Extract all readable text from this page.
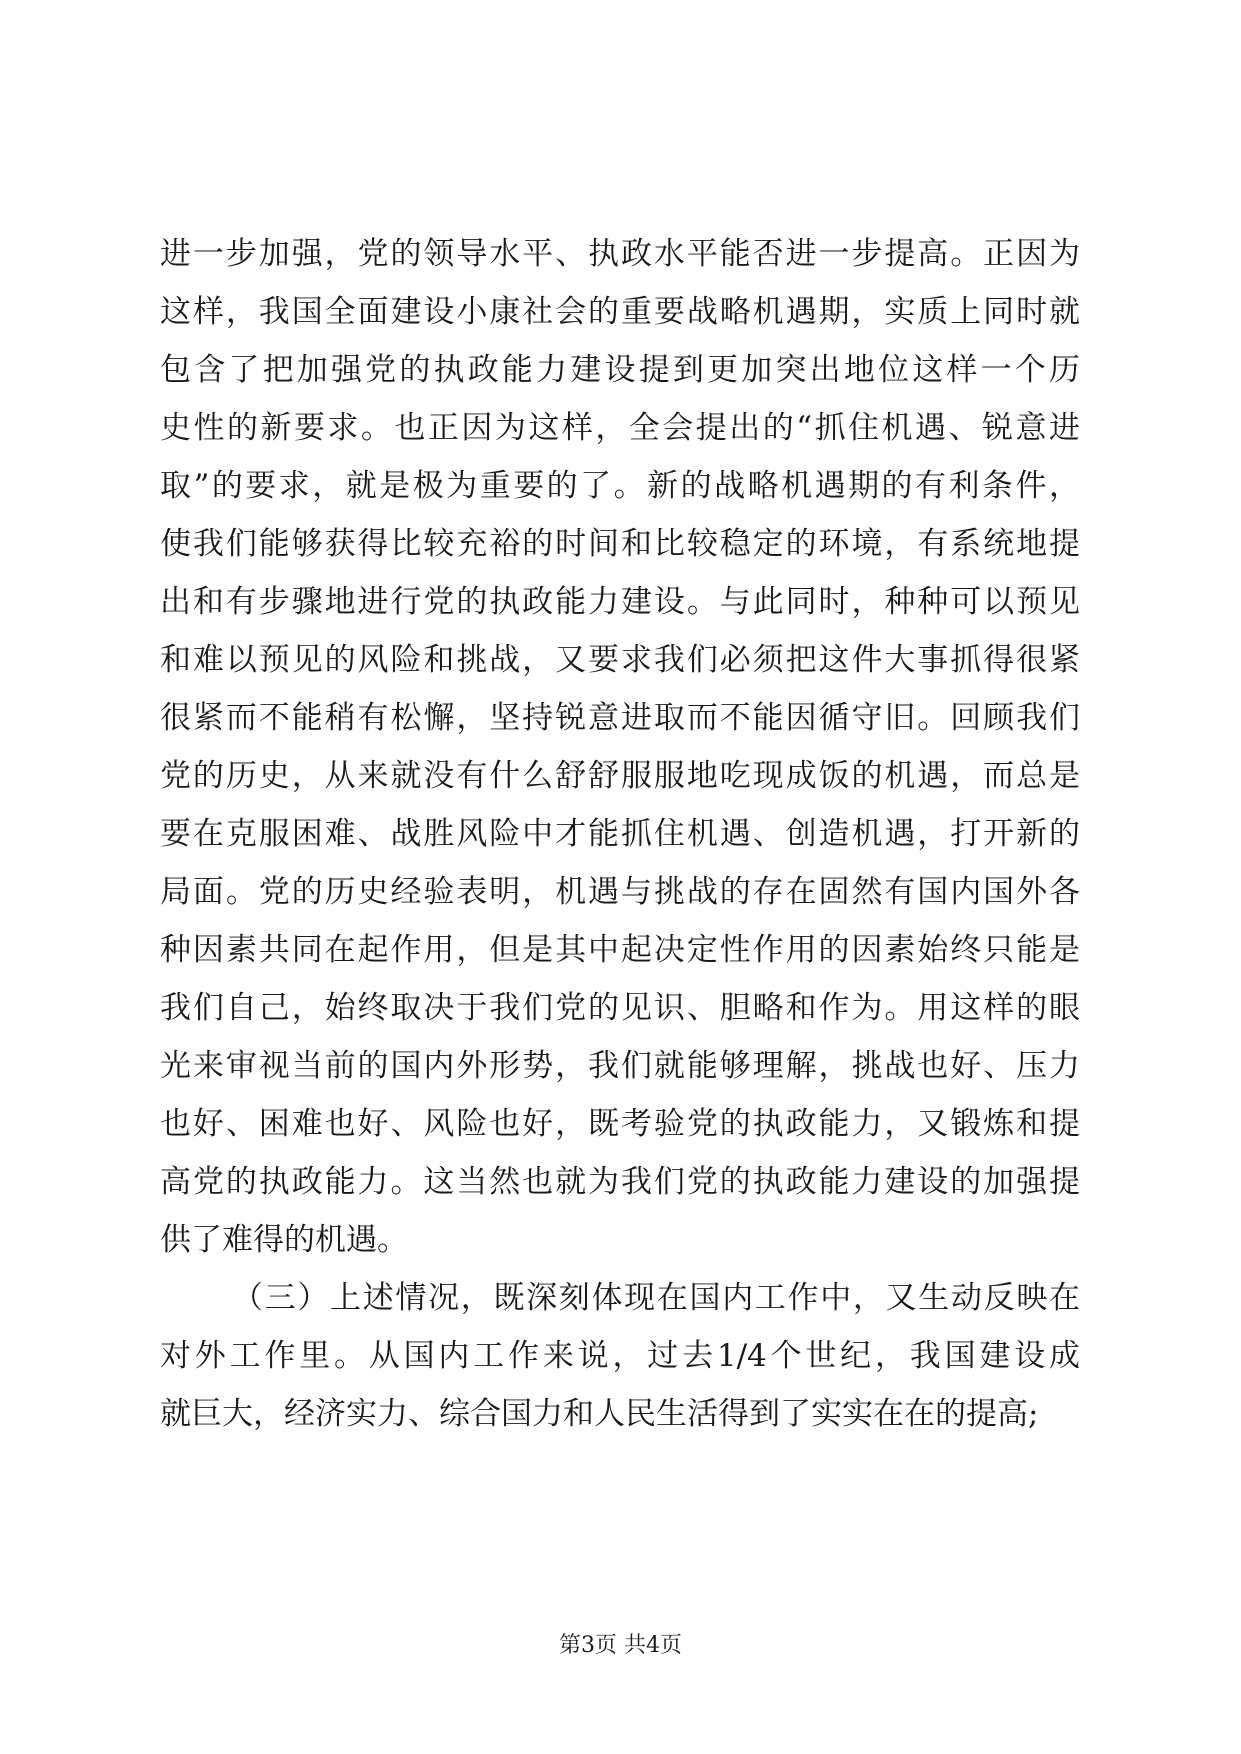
进一步加强，党的领导水平、执政水平能否进一步提高。正因为
这样，我国全面建设小康社会的重要战略机遇期，实质上同时就
包含了把加强党的执政能力建设提到更加突出地位这样一个历
史性的新要求。也正因为这样，全会提出的“抓住机遇、锐意进
取”的要求，就是极为重要的了。新的战略机遇期的有利条件，
使我们能够获得比较充裕的时间和比较稳定的环境，有系统地提
出和有步骤地进行党的执政能力建设。与此同时，种种可以预见
和难以预见的风险和挑战，又要求我们必须把这件大事抓得很紧
很紧而不能稍有松懈，坚持锐意进取而不能因循守旧。回顾我们
党的历史，从来就没有什么舒舒服服地吃现成饭的机遇，而总是
要在克服困难、战胜风险中才能抓住机遇、创造机遇，打开新的
局面。党的历史经验表明，机遇与挑战的存在固然有国内国外各
种因素共同在起作用，但是其中起决定性作用的因素始终只能是
我们自己，始终取决于我们党的见识、胆略和作为。用这样的眼
光来审视当前的国内外形势，我们就能够理解，挑战也好、压力
也好、困难也好、风险也好，既考验党的执政能力，又锻炼和提
高党的执政能力。这当然也就为我们党的执政能力建设的加强提
供了难得的机遇。
（三）上述情况，既深刻体现在国内工作中，又生动反映在
对外工作里。从国内工作来说，过去1/4个世纪，我国建设成
就巨大，经济实力、综合国力和人民生活得到了实实在在的提高;
第3页 共4页
